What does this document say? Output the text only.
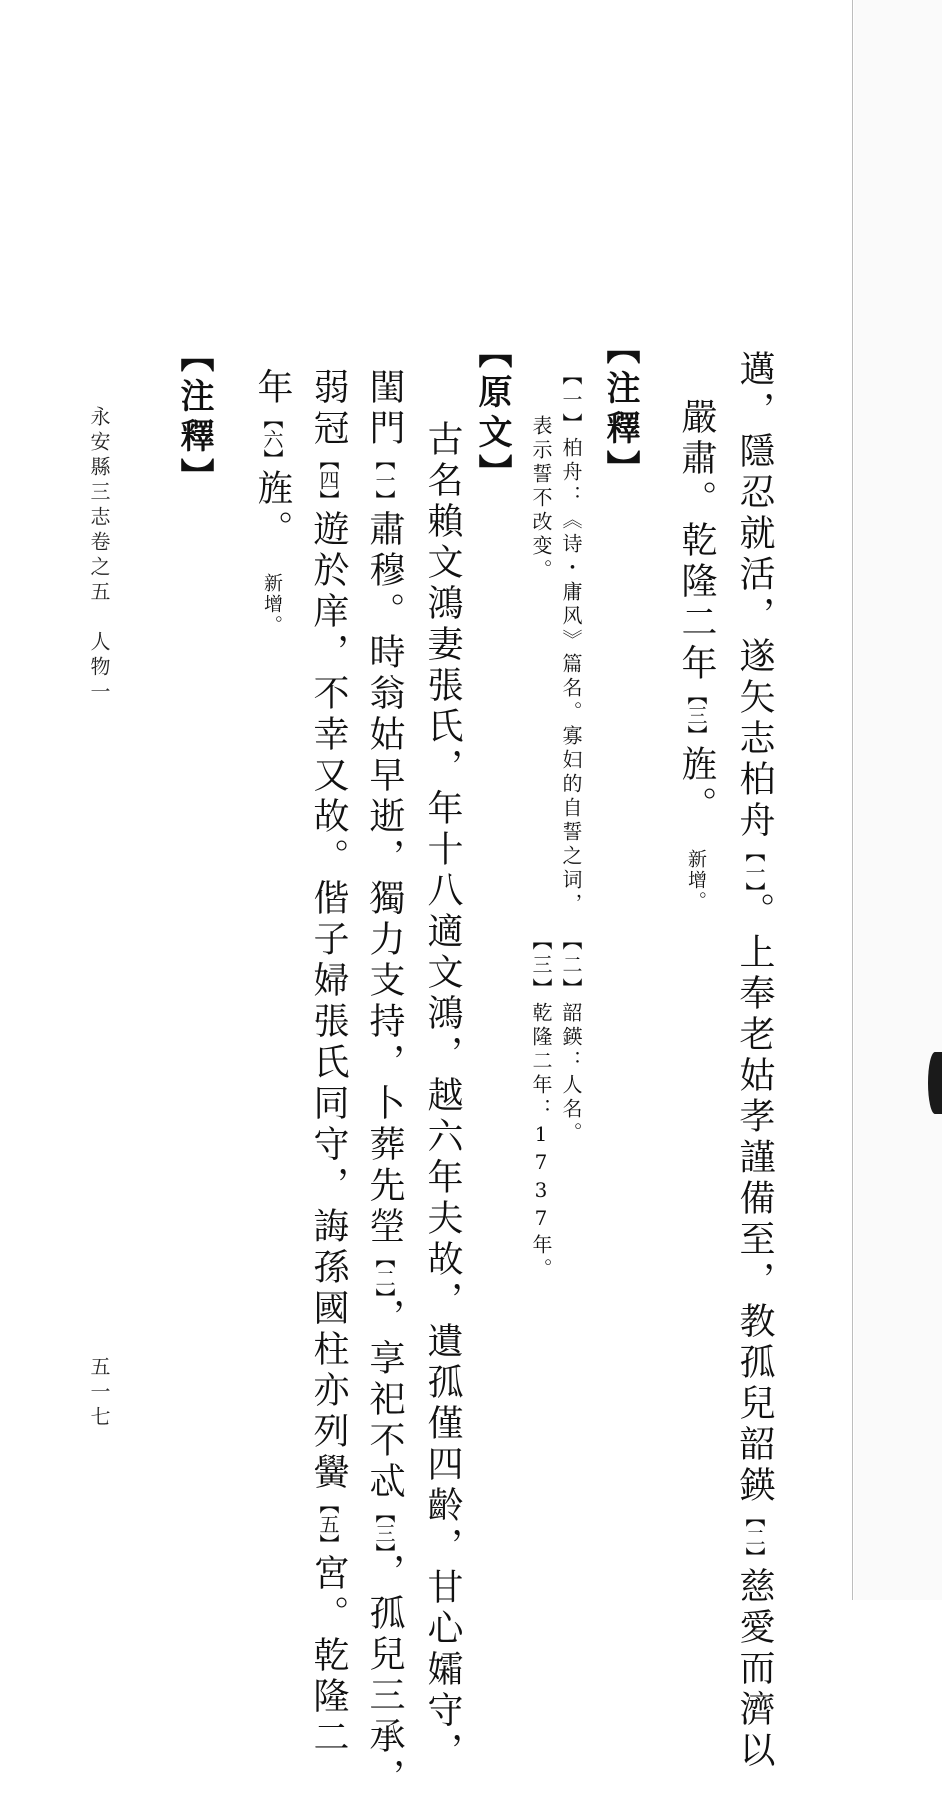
邁，隱忍就活，遂矢志柏舟【一】。上奉老姑孝謹備至，教孤兒韶鍈【二】慈愛而濟以
嚴肅。乾隆二年【三】旌。新增。
【注釋】
【一】柏舟：《诗・庸风》篇名。寡妇的自誓之词，
表示誓不改变。
【二】韶鍈：人名。
【三】乾隆二年：1737年。
【原文】
古名賴文鴻妻張氏，年十八適文鴻，越六年夫故，遺孤僅四齡，甘心孀守，
閨門【一】肅穆。時翁姑早逝，獨力支持，卜葬先塋【二】，享祀不忒【三】，孤兒三承，
弱冠【四】遊於庠，不幸又故。偕子婦張氏同守，誨孫國柱亦列黌【五】宮。乾隆二
年【六】旌。新增。
【注釋】
永安縣三志卷之五　人物一
五一七
